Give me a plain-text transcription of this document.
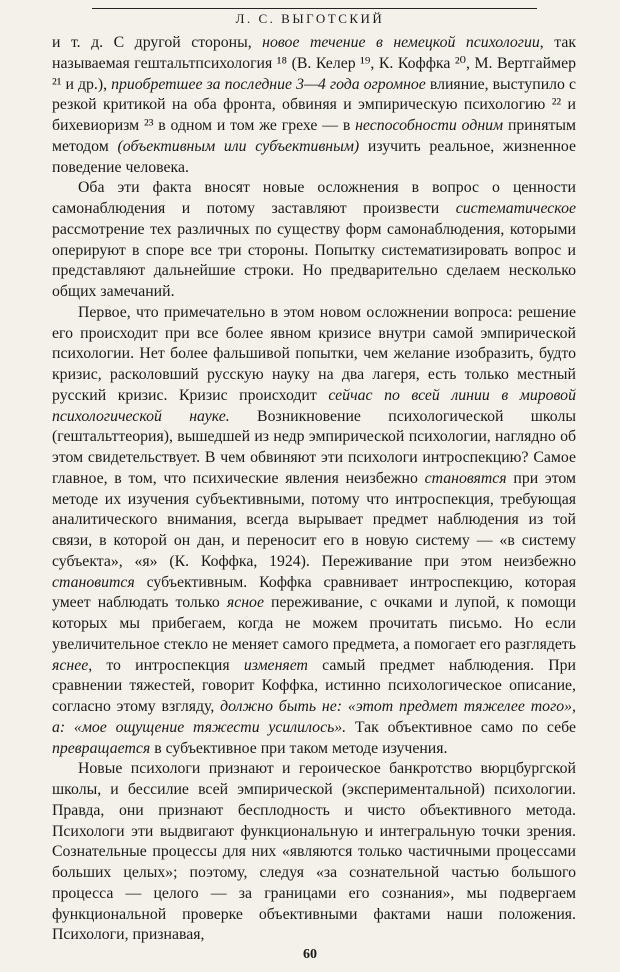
Л. С. ВЫГОТСКИЙ

и т. д. С другой стороны, новое течение в немецкой психологии, так называемая гештальтпсихология ¹⁸ (В. Келер ¹⁹, К. Коффка ²⁰, М. Вертгаймер ²¹ и др.), приобретшее за последние 3—4 года огромное влияние, выступило с резкой критикой на оба фронта, обвиняя и эмпирическую психологию ²² и бихевиоризм ²³ в одном и том же грехе — в неспособности одним принятым методом (объективным или субъективным) изучить реальное, жизненное поведение человека.

Оба эти факта вносят новые осложнения в вопрос о ценности самонаблюдения и потому заставляют произвести систематическое рассмотрение тех различных по существу форм самонаблюдения, которыми оперируют в споре все три стороны. Попытку систематизировать вопрос и представляют дальнейшие строки. Но предварительно сделаем несколько общих замечаний.

Первое, что примечательно в этом новом осложнении вопроса: решение его происходит при все более явном кризисе внутри самой эмпирической психологии. Нет более фальшивой попытки, чем желание изобразить, будто кризис, расколовший русскую науку на два лагеря, есть только местный русский кризис. Кризис происходит сейчас по всей линии в мировой психологической науке. Возникновение психологической школы (гештальттеория), вышедшей из недр эмпирической психологии, наглядно об этом свидетельствует. В чем обвиняют эти психологи интроспекцию? Самое главное, в том, что психические явления неизбежно становятся при этом методе их изучения субъективными, потому что интроспекция, требующая аналитического внимания, всегда вырывает предмет наблюдения из той связи, в которой он дан, и переносит его в новую систему — «в систему субъекта», «я» (К. Коффка, 1924). Переживание при этом неизбежно становится субъективным. Коффка сравнивает интроспекцию, которая умеет наблюдать только ясное переживание, с очками и лупой, к помощи которых мы прибегаем, когда не можем прочитать письмо. Но если увеличительное стекло не меняет самого предмета, а помогает его разглядеть яснее, то интроспекция изменяет самый предмет наблюдения. При сравнении тяжестей, говорит Коффка, истинно психологическое описание, согласно этому взгляду, должно быть не: «этот предмет тяжелее того», а: «мое ощущение тяжести усилилось». Так объективное само по себе превращается в субъективное при таком методе изучения.

Новые психологи признают и героическое банкротство вюрцбургской школы, и бессилие всей эмпирической (экспериментальной) психологии. Правда, они признают бесплодность и чисто объективного метода. Психологи эти выдвигают функциональную и интегральную точки зрения. Сознательные процессы для них «являются только частичными процессами больших целых»; поэтому, следуя «за сознательной частью большого процесса — целого — за границами его сознания», мы подвергаем функциональной проверке объективными фактами наши положения. Психологи, признавая,

60
